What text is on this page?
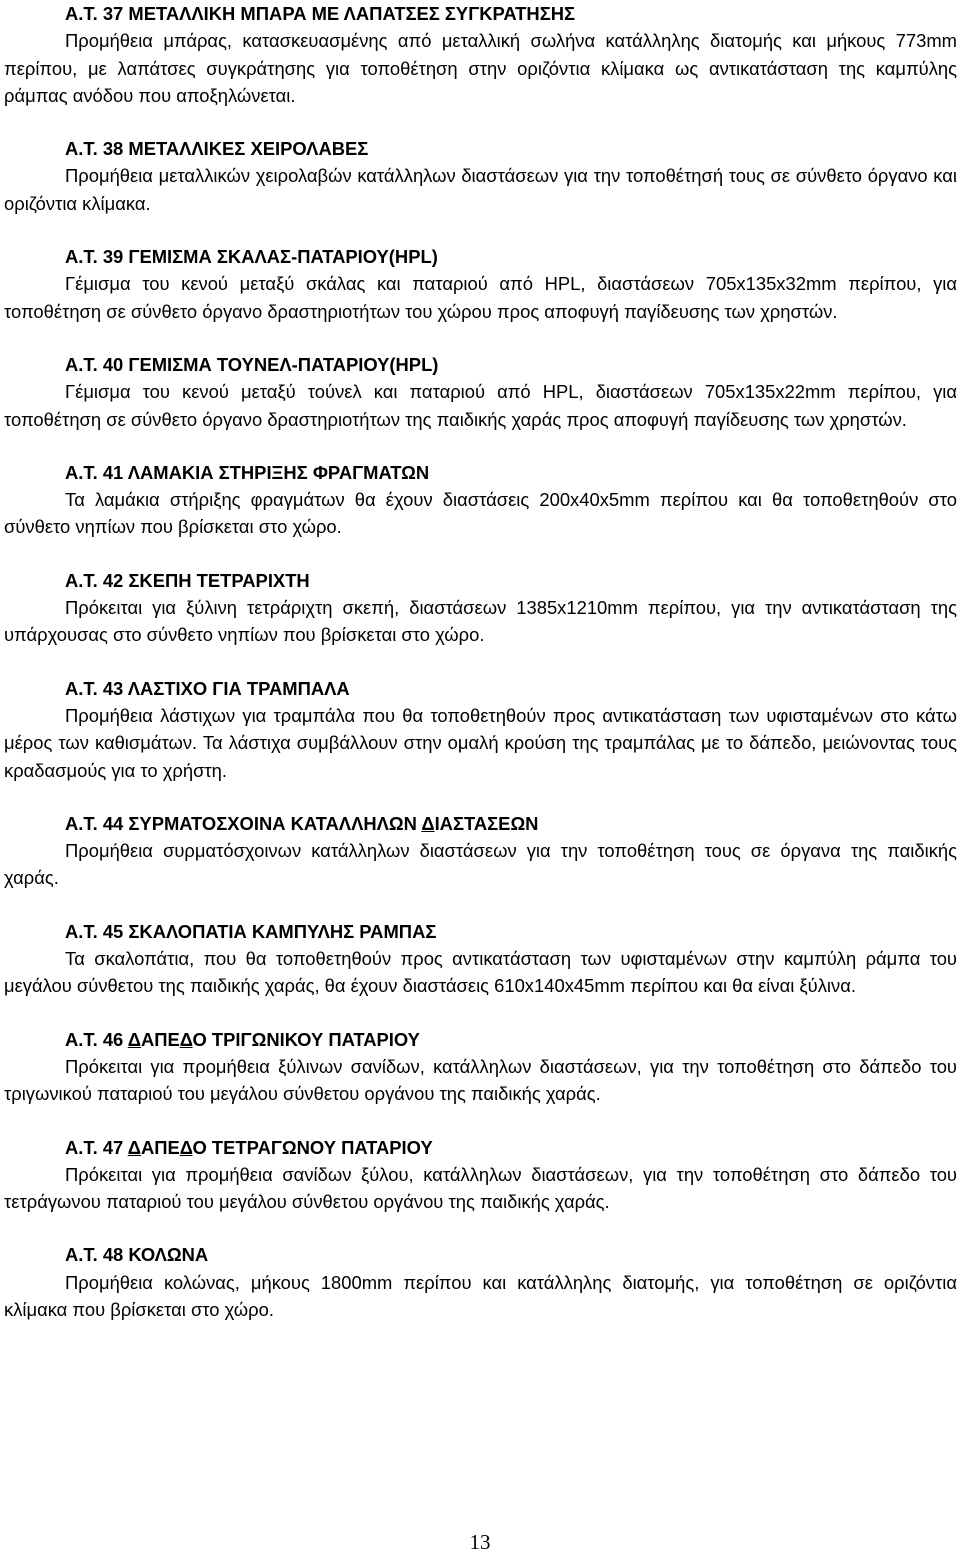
Α.Τ. 37 ΜΕΤΑΛΛΙΚΗ ΜΠΑΡΑ ΜΕ ΛΑΠΑΤΣΕΣ ΣΥΓΚΡΑΤΗΣΗΣ

Προμήθεια μπάρας, κατασκευασμένης από μεταλλική σωλήνα κατάλληλης διατομής και μήκους 773mm περίπου, με λαπάτσες συγκράτησης για τοποθέτηση στην οριζόντια κλίμακα ως αντικατάσταση της καμπύλης ράμπας ανόδου που αποξηλώνεται.

Α.Τ. 38 ΜΕΤΑΛΛΙΚΕΣ ΧΕΙΡΟΛΑΒΕΣ

Προμήθεια μεταλλικών χειρολαβών κατάλληλων διαστάσεων για την τοποθέτησή τους σε σύνθετο όργανο και οριζόντια κλίμακα.

Α.Τ. 39 ΓΕΜΙΣΜΑ ΣΚΑΛΑΣ-ΠΑΤΑΡΙΟΥ(HPL)

Γέμισμα του κενού μεταξύ σκάλας και παταριού από HPL, διαστάσεων 705x135x32mm περίπου, για τοποθέτηση σε σύνθετο όργανο δραστηριοτήτων του χώρου προς αποφυγή παγίδευσης των χρηστών.

Α.Τ. 40 ΓΕΜΙΣΜΑ ΤΟΥΝΕΛ-ΠΑΤΑΡΙΟΥ(HPL)

Γέμισμα του κενού μεταξύ τούνελ και παταριού από HPL, διαστάσεων 705x135x22mm περίπου, για τοποθέτηση σε σύνθετο όργανο δραστηριοτήτων της παιδικής χαράς προς αποφυγή παγίδευσης των χρηστών.

Α.Τ. 41 ΛΑΜΑΚΙΑ ΣΤΗΡΙΞΗΣ ΦΡΑΓΜΑΤΩΝ

Τα λαμάκια στήριξης φραγμάτων θα έχουν διαστάσεις 200x40x5mm περίπου και θα τοποθετηθούν στο σύνθετο νηπίων που βρίσκεται στο χώρο.

Α.Τ. 42 ΣΚΕΠΗ ΤΕΤΡΑΡΙΧΤΗ

Πρόκειται για ξύλινη τετράριχτη σκεπή, διαστάσεων 1385x1210mm περίπου, για την αντικατάσταση της υπάρχουσας στο σύνθετο νηπίων που βρίσκεται στο χώρο.

Α.Τ. 43 ΛΑΣΤΙΧΟ ΓΙΑ ΤΡΑΜΠΑΛΑ

Προμήθεια λάστιχων για τραμπάλα που θα τοποθετηθούν προς αντικατάσταση των υφισταμένων στο κάτω μέρος των καθισμάτων. Τα λάστιχα συμβάλλουν στην ομαλή κρούση της τραμπάλας με το δάπεδο, μειώνοντας τους κραδασμούς για το χρήστη.

Α.Τ. 44 ΣΥΡΜΑΤΟΣΧΟΙΝΑ ΚΑΤΑΛΛΗΛΩΝ ΔΙΑΣΤΑΣΕΩΝ

Προμήθεια συρματόσχοινων κατάλληλων διαστάσεων για την τοποθέτηση τους σε όργανα της παιδικής χαράς.

Α.Τ. 45 ΣΚΑΛΟΠΑΤΙΑ ΚΑΜΠΥΛΗΣ ΡΑΜΠΑΣ

Τα σκαλοπάτια, που θα τοποθετηθούν προς αντικατάσταση των υφισταμένων στην καμπύλη ράμπα του μεγάλου σύνθετου της παιδικής χαράς, θα έχουν διαστάσεις 610x140x45mm περίπου και θα είναι ξύλινα.

Α.Τ. 46 ΔΑΠΕΔΟ ΤΡΙΓΩΝΙΚΟΥ ΠΑΤΑΡΙΟΥ

Πρόκειται για προμήθεια ξύλινων σανίδων, κατάλληλων διαστάσεων, για την τοποθέτηση στο δάπεδο του τριγωνικού παταριού του μεγάλου σύνθετου οργάνου της παιδικής χαράς.

Α.Τ. 47 ΔΑΠΕΔΟ ΤΕΤΡΑΓΩΝΟΥ ΠΑΤΑΡΙΟΥ

Πρόκειται για προμήθεια σανίδων ξύλου, κατάλληλων διαστάσεων, για την τοποθέτηση στο δάπεδο του τετράγωνου παταριού του μεγάλου σύνθετου οργάνου της παιδικής χαράς.

Α.Τ. 48 ΚΟΛΩΝΑ

Προμήθεια κολώνας, μήκους 1800mm περίπου και κατάλληλης διατομής, για τοποθέτηση σε οριζόντια κλίμακα που βρίσκεται στο χώρο.

13
